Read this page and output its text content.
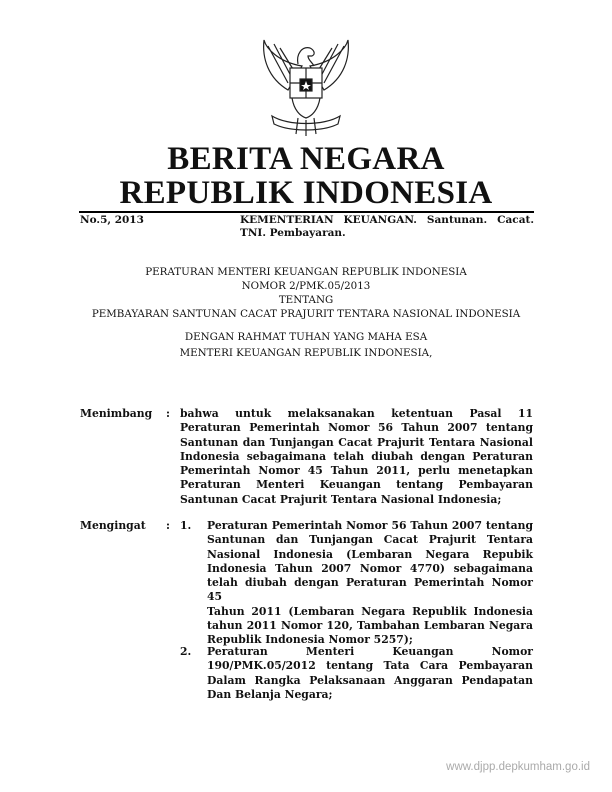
BERITA NEGARA
REPUBLIK INDONESIA
No.5, 2013	KEMENTERIAN KEUANGAN. Santunan. Cacat.
TNI. Pembayaran.
PERATURAN MENTERI KEUANGAN REPUBLIK INDONESIA
NOMOR 2/PMK.05/2013
TENTANG
PEMBAYARAN SANTUNAN CACAT PRAJURIT TENTARA NASIONAL INDONESIA
DENGAN RAHMAT TUHAN YANG MAHA ESA
MENTERI KEUANGAN REPUBLIK INDONESIA,
Menimbang : bahwa untuk melaksanakan ketentuan Pasal 11
Peraturan Pemerintah Nomor 56 Tahun 2007 tentang
Santunan dan Tunjangan Cacat Prajurit Tentara Nasional
Indonesia sebagaimana telah diubah dengan Peraturan
Pemerintah Nomor 45 Tahun 2011, perlu menetapkan
Peraturan Menteri Keuangan tentang Pembayaran
Santunan Cacat Prajurit Tentara Nasional Indonesia;
Mengingat : 1. Peraturan Pemerintah Nomor 56 Tahun 2007 tentang
Santunan dan Tunjangan Cacat Prajurit Tentara
Nasional Indonesia (Lembaran Negara Repubik
Indonesia Tahun 2007 Nomor 4770) sebagaimana
telah diubah dengan Peraturan Pemerintah Nomor 45
Tahun 2011 (Lembaran Negara Republik Indonesia
tahun 2011 Nomor 120, Tambahan Lembaran Negara
Republik Indonesia Nomor 5257);
2. Peraturan Menteri Keuangan Nomor
190/PMK.05/2012 tentang Tata Cara Pembayaran
Dalam Rangka Pelaksanaan Anggaran Pendapatan
Dan Belanja Negara;
www.djpp.depkumham.go.id
